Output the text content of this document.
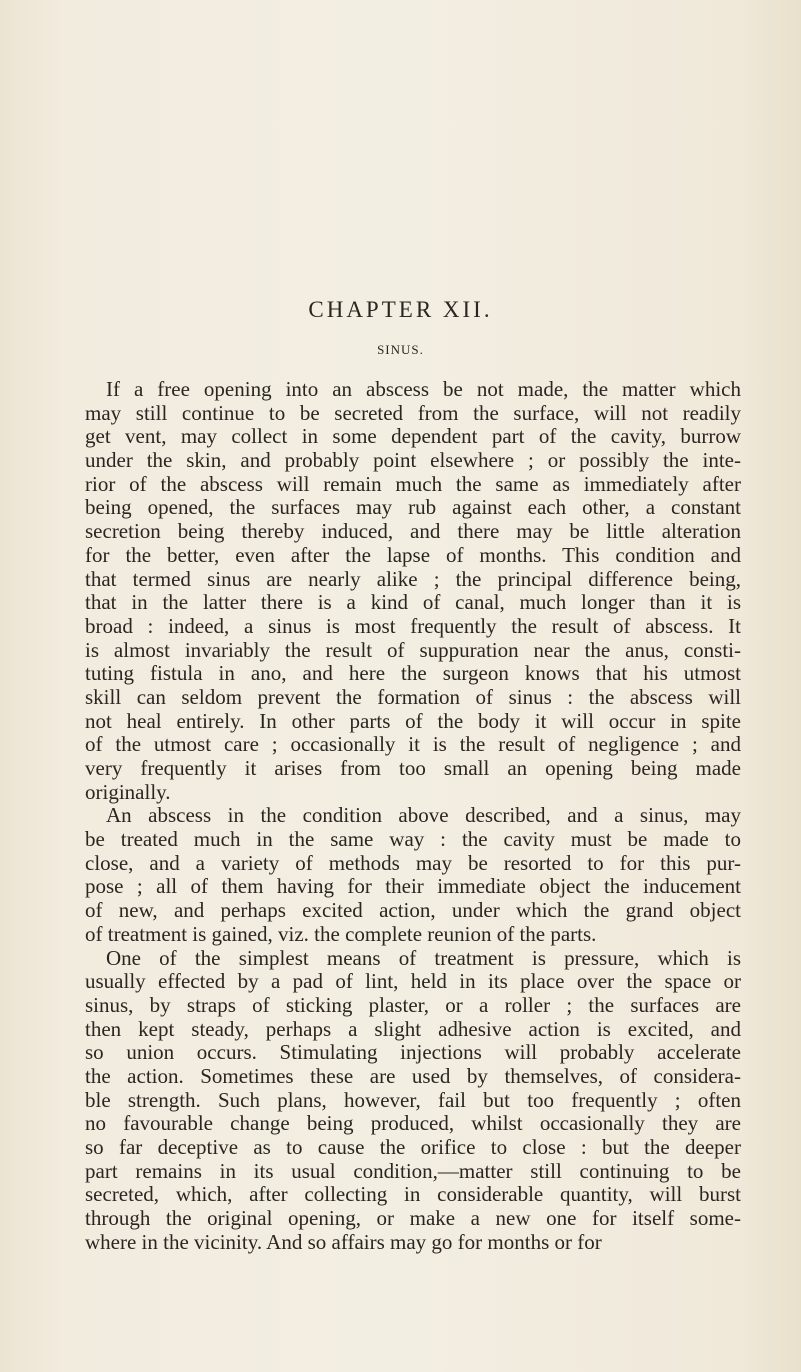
CHAPTER XII.
SINUS.
If a free opening into an abscess be not made, the matter which
may still continue to be secreted from the surface, will not readily
get vent, may collect in some dependent part of the cavity, burrow
under the skin, and probably point elsewhere ; or possibly the inte-
rior of the abscess will remain much the same as immediately after
being opened, the surfaces may rub against each other, a constant
secretion being thereby induced, and there may be little alteration
for the better, even after the lapse of months. This condition and
that termed sinus are nearly alike ; the principal difference being,
that in the latter there is a kind of canal, much longer than it is
broad : indeed, a sinus is most frequently the result of abscess. It
is almost invariably the result of suppuration near the anus, consti-
tuting fistula in ano, and here the surgeon knows that his utmost
skill can seldom prevent the formation of sinus : the abscess will
not heal entirely. In other parts of the body it will occur in spite
of the utmost care ; occasionally it is the result of negligence ; and
very frequently it arises from too small an opening being made
originally.
An abscess in the condition above described, and a sinus, may
be treated much in the same way : the cavity must be made to
close, and a variety of methods may be resorted to for this pur-
pose ; all of them having for their immediate object the inducement
of new, and perhaps excited action, under which the grand object
of treatment is gained, viz. the complete reunion of the parts.
One of the simplest means of treatment is pressure, which is
usually effected by a pad of lint, held in its place over the space or
sinus, by straps of sticking plaster, or a roller ; the surfaces are
then kept steady, perhaps a slight adhesive action is excited, and
so union occurs. Stimulating injections will probably accelerate
the action. Sometimes these are used by themselves, of considera-
ble strength. Such plans, however, fail but too frequently ; often
no favourable change being produced, whilst occasionally they are
so far deceptive as to cause the orifice to close : but the deeper
part remains in its usual condition,—matter still continuing to be
secreted, which, after collecting in considerable quantity, will burst
through the original opening, or make a new one for itself some-
where in the vicinity. And so affairs may go for months or for
